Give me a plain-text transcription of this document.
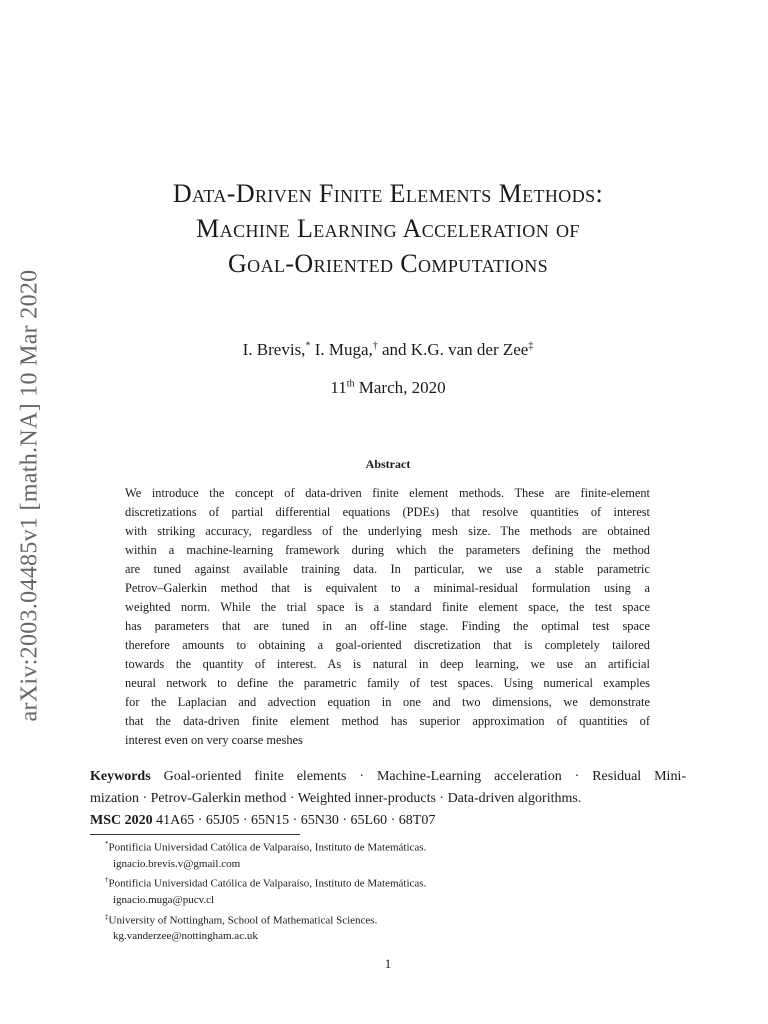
arXiv:2003.04485v1 [math.NA] 10 Mar 2020
Data-Driven Finite Elements Methods:
Machine Learning Acceleration of
Goal-Oriented Computations
I. Brevis,* I. Muga,† and K.G. van der Zee‡
11th March, 2020
Abstract
We introduce the concept of data-driven finite element methods. These are finite-element
discretizations of partial differential equations (PDEs) that resolve quantities of interest
with striking accuracy, regardless of the underlying mesh size. The methods are obtained
within a machine-learning framework during which the parameters defining the method
are tuned against available training data. In particular, we use a stable parametric
Petrov–Galerkin method that is equivalent to a minimal-residual formulation using a
weighted norm. While the trial space is a standard finite element space, the test space
has parameters that are tuned in an off-line stage. Finding the optimal test space
therefore amounts to obtaining a goal-oriented discretization that is completely tailored
towards the quantity of interest. As is natural in deep learning, we use an artificial
neural network to define the parametric family of test spaces. Using numerical examples
for the Laplacian and advection equation in one and two dimensions, we demonstrate
that the data-driven finite element method has superior approximation of quantities of
interest even on very coarse meshes
Keywords Goal-oriented finite elements · Machine-Learning acceleration · Residual Mini-
mization · Petrov-Galerkin method · Weighted inner-products · Data-driven algorithms.
MSC 2020 41A65 · 65J05 · 65N15 · 65N30 · 65L60 · 68T07
*Pontificia Universidad Católica de Valparaíso, Instituto de Matemáticas.
ignacio.brevis.v@gmail.com
†Pontificia Universidad Católica de Valparaíso, Instituto de Matemáticas.
ignacio.muga@pucv.cl
‡University of Nottingham, School of Mathematical Sciences.
kg.vanderzee@nottingham.ac.uk
1
